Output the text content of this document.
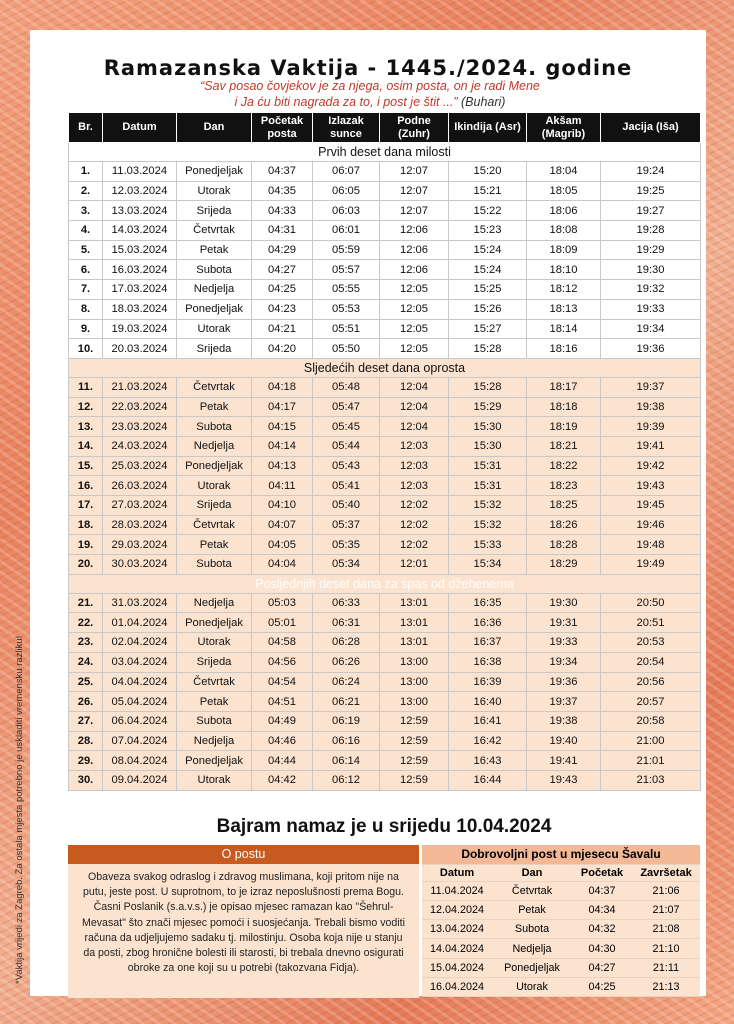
Ramazanska Vaktija - 1445./2024. godine
“Sav posao čovjekov je za njega, osim posta, on je radi Mene
i Ja ću biti nagrada za to, i post je štit ...” (Buhari)
Br.	Datum	Dan	Početak posta	Izlazak sunce	Podne (Zuhr)	Ikindija (Asr)	Akšam (Magrib)	Jacija (Iša)
Prvih deset dana milosti								
1.	11.03.2024	Ponedjeljak	04:37	06:07	12:07	15:20	18:04	19:24
2.	12.03.2024	Utorak	04:35	06:05	12:07	15:21	18:05	19:25
3.	13.03.2024	Srijeda	04:33	06:03	12:07	15:22	18:06	19:27
4.	14.03.2024	Četvrtak	04:31	06:01	12:06	15:23	18:08	19:28
5.	15.03.2024	Petak	04:29	05:59	12:06	15:24	18:09	19:29
6.	16.03.2024	Subota	04:27	05:57	12:06	15:24	18:10	19:30
7.	17.03.2024	Nedjelja	04:25	05:55	12:05	15:25	18:12	19:32
8.	18.03.2024	Ponedjeljak	04:23	05:53	12:05	15:26	18:13	19:33
9.	19.03.2024	Utorak	04:21	05:51	12:05	15:27	18:14	19:34
10.	20.03.2024	Srijeda	04:20	05:50	12:05	15:28	18:16	19:36
Sljedećih deset dana oprosta								
11.	21.03.2024	Četvrtak	04:18	05:48	12:04	15:28	18:17	19:37
12.	22.03.2024	Petak	04:17	05:47	12:04	15:29	18:18	19:38
13.	23.03.2024	Subota	04:15	05:45	12:04	15:30	18:19	19:39
14.	24.03.2024	Nedjelja	04:14	05:44	12:03	15:30	18:21	19:41
15.	25.03.2024	Ponedjeljak	04:13	05:43	12:03	15:31	18:22	19:42
16.	26.03.2024	Utorak	04:11	05:41	12:03	15:31	18:23	19:43
17.	27.03.2024	Srijeda	04:10	05:40	12:02	15:32	18:25	19:45
18.	28.03.2024	Četvrtak	04:07	05:37	12:02	15:32	18:26	19:46
19.	29.03.2024	Petak	04:05	05:35	12:02	15:33	18:28	19:48
20.	30.03.2024	Subota	04:04	05:34	12:01	15:34	18:29	19:49
Posljednjih deset dana za spas od džehenema								
21.	31.03.2024	Nedjelja	05:03	06:33	13:01	16:35	19:30	20:50
22.	01.04.2024	Ponedjeljak	05:01	06:31	13:01	16:36	19:31	20:51
23.	02.04.2024	Utorak	04:58	06:28	13:01	16:37	19:33	20:53
24.	03.04.2024	Srijeda	04:56	06:26	13:00	16:38	19:34	20:54
25.	04.04.2024	Četvrtak	04:54	06:24	13:00	16:39	19:36	20:56
26.	05.04.2024	Petak	04:51	06:21	13:00	16:40	19:37	20:57
27.	06.04.2024	Subota	04:49	06:19	12:59	16:41	19:38	20:58
28.	07.04.2024	Nedjelja	04:46	06:16	12:59	16:42	19:40	21:00
29.	08.04.2024	Ponedjeljak	04:44	06:14	12:59	16:43	19:41	21:01
30.	09.04.2024	Utorak	04:42	06:12	12:59	16:44	19:43	21:03
Bajram namaz je u srijedu 10.04.2024
O postu
Obaveza svakog odraslog i zdravog muslimana, koji pritom nije na putu, jeste post. U suprotnom, to je izraz neposlušnosti prema Bogu. Časni Poslanik (s.a.v.s.) je opisao mjesec ramazan kao "Šehrul-Mevasat" što znači mjesec pomoći i suosjećanja. Trebali bismo voditi računa da udjeljujemo sadaku tj. milostinju. Osoba koja nije u stanju da posti, zbog hronične bolesti ili starosti, bi trebala dnevno osigurati obroke za one koji su u potrebi (takozvana Fidja).
Dobrovoljni post u mjesecu Šavalu			
Datum	Dan	Početak	Završetak
11.04.2024	Četvrtak	04:37	21:06
12.04.2024	Petak	04:34	21:07
13.04.2024	Subota	04:32	21:08
14.04.2024	Nedjelja	04:30	21:10
15.04.2024	Ponedjeljak	04:27	21:11
16.04.2024	Utorak	04:25	21:13
*Vaktija vrijedi za Zagreb. Za ostala mjesta potrebno je uskladiti vremensku razliku!
